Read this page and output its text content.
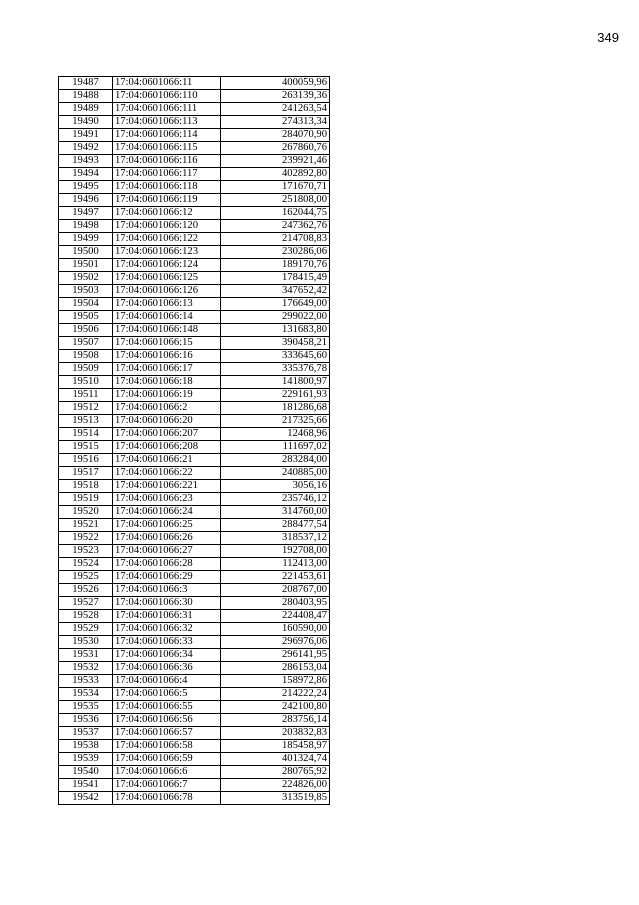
349
19487	17:04:0601066:11	400059,96
19488	17:04:0601066:110	263139,36
19489	17:04:0601066:111	241263,54
19490	17:04:0601066:113	274313,34
19491	17:04:0601066:114	284070,90
19492	17:04:0601066:115	267860,76
19493	17:04:0601066:116	239921,46
19494	17:04:0601066:117	402892,80
19495	17:04:0601066:118	171670,71
19496	17:04:0601066:119	251808,00
19497	17:04:0601066:12	162044,75
19498	17:04:0601066:120	247362,76
19499	17:04:0601066:122	214708,83
19500	17:04:0601066:123	230286,06
19501	17:04:0601066:124	189170,76
19502	17:04:0601066:125	178415,49
19503	17:04:0601066:126	347652,42
19504	17:04:0601066:13	176649,00
19505	17:04:0601066:14	299022,00
19506	17:04:0601066:148	131683,80
19507	17:04:0601066:15	390458,21
19508	17:04:0601066:16	333645,60
19509	17:04:0601066:17	335376,78
19510	17:04:0601066:18	141800,97
19511	17:04:0601066:19	229161,93
19512	17:04:0601066:2	181286,68
19513	17:04:0601066:20	217325,66
19514	17:04:0601066:207	12468,96
19515	17:04:0601066:208	111697,02
19516	17:04:0601066:21	283284,00
19517	17:04:0601066:22	240885,00
19518	17:04:0601066:221	3056,16
19519	17:04:0601066:23	235746,12
19520	17:04:0601066:24	314760,00
19521	17:04:0601066:25	288477,54
19522	17:04:0601066:26	318537,12
19523	17:04:0601066:27	192708,00
19524	17:04:0601066:28	112413,00
19525	17:04:0601066:29	221453,61
19526	17:04:0601066:3	208767,00
19527	17:04:0601066:30	280403,95
19528	17:04:0601066:31	224408,47
19529	17:04:0601066:32	160590,00
19530	17:04:0601066:33	296976,06
19531	17:04:0601066:34	296141,95
19532	17:04:0601066:36	286153,04
19533	17:04:0601066:4	158972,86
19534	17:04:0601066:5	214222,24
19535	17:04:0601066:55	242100,80
19536	17:04:0601066:56	283756,14
19537	17:04:0601066:57	203832,83
19538	17:04:0601066:58	185458,97
19539	17:04:0601066:59	401324,74
19540	17:04:0601066:6	280765,92
19541	17:04:0601066:7	224826,00
19542	17:04:0601066:78	313519,85
